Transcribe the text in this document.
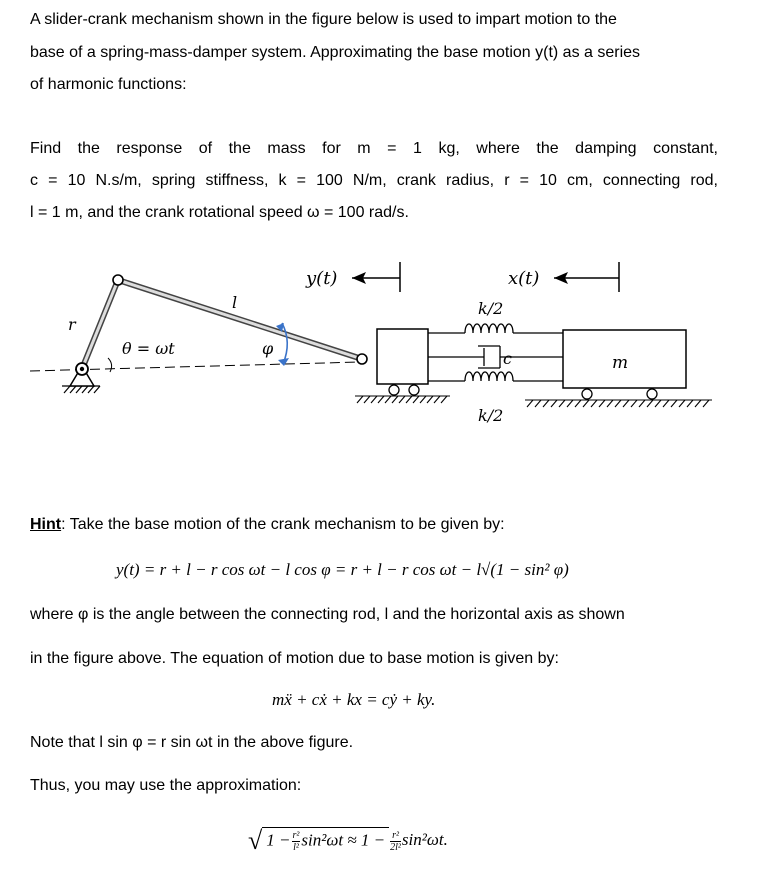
A slider-crank mechanism shown in the figure below is used to impart motion to the
base of a spring-mass-damper system. Approximating the base motion y(t) as a series
of harmonic functions:
Find the response of the mass for m = 1 kg, where the damping constant,
c = 10 N.s/m, spring stiffness, k = 100 N/m, crank radius, r = 10 cm, connecting rod,
l = 1 m, and the crank rotational speed ω = 100 rad/s.
r
θ = ωt
l
φ
y(t)
k/2
c
k/2
x(t)
m
Hint: Take the base motion of the crank mechanism to be given by:
y(t) = r + l − r cos ωt − l cos φ = r + l − r cos ωt − l√(1 − sin² φ)
where φ is the angle between the connecting rod, l and the horizontal axis as shown
in the figure above. The equation of motion due to base motion is given by:
mẍ + cẋ + kx = cẏ + ky.
Note that l sin φ = r sin ωt in the above figure.
Thus, you may use the approximation:
√ $1 - \frac{\text{r²}}{\text{l²}} \sin^2\omega t \approx 1 - \frac{\text{r²}}{\text{2l²}} \sin^2\omega t$.
